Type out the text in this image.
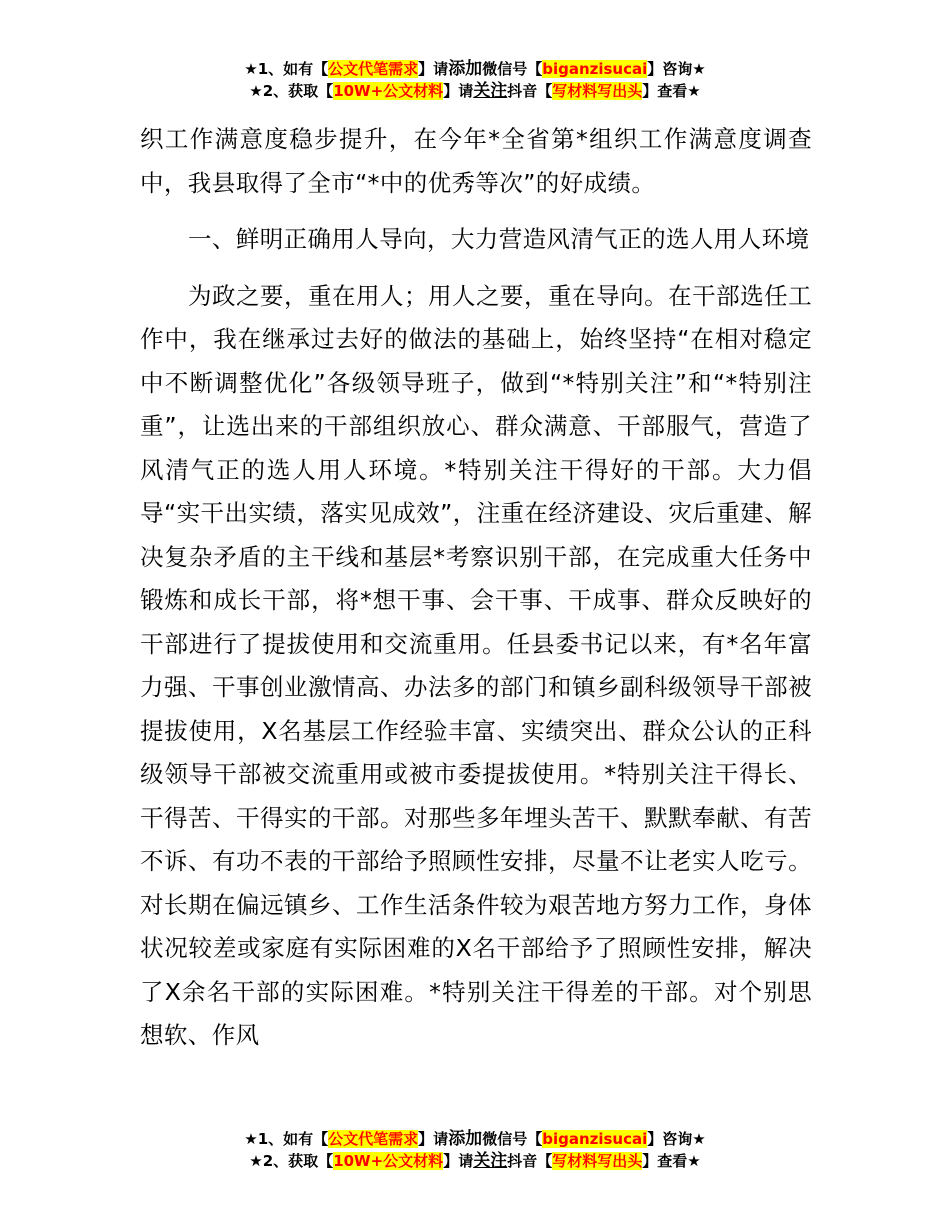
★1、如有【公文代笔需求】请添加微信号【biganzisucai】咨询★
★2、获取【10W+公文材料】请关注抖音【写材料写出头】查看★

织工作满意度稳步提升，在今年*全省第*组织工作满意度调查中，我县取得了全市“*中的优秀等次”的好成绩。

一、鲜明正确用人导向，大力营造风清气正的选人用人环境

为政之要，重在用人；用人之要，重在导向。在干部选任工作中，我在继承过去好的做法的基础上，始终坚持“在相对稳定中不断调整优化”各级领导班子，做到“*特别关注”和“*特别注重”，让选出来的干部组织放心、群众满意、干部服气，营造了风清气正的选人用人环境。*特别关注干得好的干部。大力倡导“实干出实绩，落实见成效”，注重在经济建设、灾后重建、解决复杂矛盾的主干线和基层*考察识别干部，在完成重大任务中锻炼和成长干部，将*想干事、会干事、干成事、群众反映好的干部进行了提拔使用和交流重用。任县委书记以来，有*名年富力强、干事创业激情高、办法多的部门和镇乡副科级领导干部被提拔使用，X名基层工作经验丰富、实绩突出、群众公认的正科级领导干部被交流重用或被市委提拔使用。*特别关注干得长、干得苦、干得实的干部。对那些多年埋头苦干、默默奉献、有苦不诉、有功不表的干部给予照顾性安排，尽量不让老实人吃亏。对长期在偏远镇乡、工作生活条件较为艰苦地方努力工作，身体状况较差或家庭有实际困难的X名干部给予了照顾性安排，解决了X余名干部的实际困难。*特别关注干得差的干部。对个别思想软、作风

★1、如有【公文代笔需求】请添加微信号【biganzisucai】咨询★
★2、获取【10W+公文材料】请关注抖音【写材料写出头】查看★
